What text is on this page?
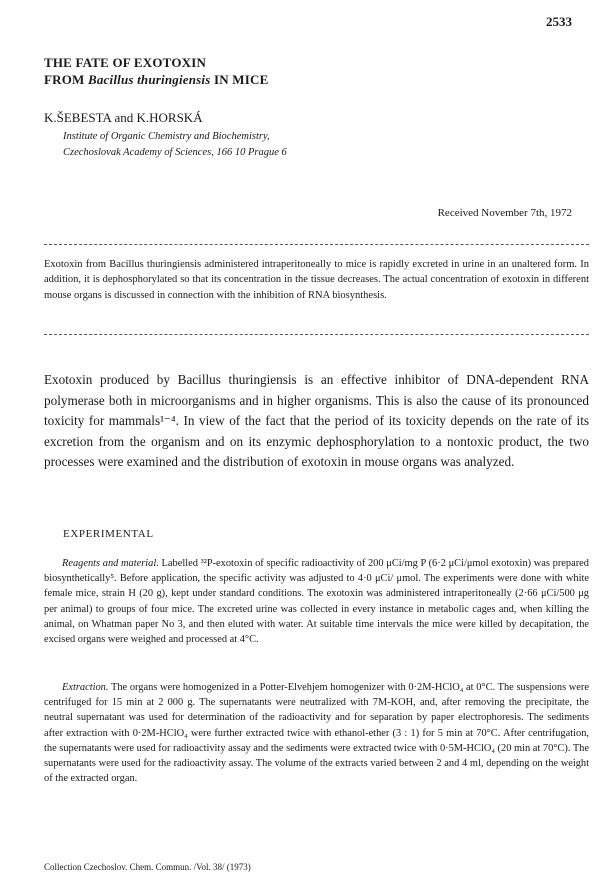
2533
THE FATE OF EXOTOXIN
FROM Bacillus thuringiensis IN MICE
K.ŠEBESTA and K.HORSKÁ
Institute of Organic Chemistry and Biochemistry,
Czechoslovak Academy of Sciences, 166 10 Prague 6
Received November 7th, 1972
Exotoxin from Bacillus thuringiensis administered intraperitoneally to mice is rapidly excreted in urine in an unaltered form. In addition, it is dephosphorylated so that its concentration in the tissue decreases. The actual concentration of exotoxin in different mouse organs is discussed in connection with the inhibition of RNA biosynthesis.
Exotoxin produced by Bacillus thuringiensis is an effective inhibitor of DNA-dependent RNA polymerase both in microorganisms and in higher organisms. This is also the cause of its pronounced toxicity for mammals¹⁻⁴. In view of the fact that the period of its toxicity depends on the rate of its excretion from the organism and on its enzymic dephosphorylation to a nontoxic product, the two processes were examined and the distribution of exotoxin in mouse organs was analyzed.
EXPERIMENTAL
Reagents and material. Labelled ³²P-exotoxin of specific radioactivity of 200 μCi/mg P (6·2 μCi/μmol exotoxin) was prepared biosynthetically⁵. Before application, the specific activity was adjusted to 4·0 μCi/ μmol. The experiments were done with white female mice, strain H (20 g), kept under standard conditions. The exotoxin was administered intraperitoneally (2·66 μCi/500 μg per animal) to groups of four mice. The excreted urine was collected in every instance in metabolic cages and, when killing the animal, on Whatman paper No 3, and then eluted with water. At suitable time intervals the mice were killed by decapitation, the excised organs were weighed and processed at 4°C.
Extraction. The organs were homogenized in a Potter-Elvehjem homogenizer with 0·2M-HClO₄ at 0°C. The suspensions were centrifuged for 15 min at 2 000 g. The supernatants were neutralized with 7M-KOH, and, after removing the precipitate, the neutral supernatant was used for determination of the radioactivity and for separation by paper electrophoresis. The sediments after extraction with 0·2M-HClO₄ were further extracted twice with ethanol-ether (3 : 1) for 5 min at 70°C. After centrifugation, the supernatants were used for radioactivity assay and the sediments were extracted twice with 0·5M-HClO₄ (20 min at 70°C). The supernatants were used for the radioactivity assay. The volume of the extracts varied between 2 and 4 ml, depending on the weight of the extracted organ.
Collection Czechoslov. Chem. Commun. /Vol. 38/ (1973)
